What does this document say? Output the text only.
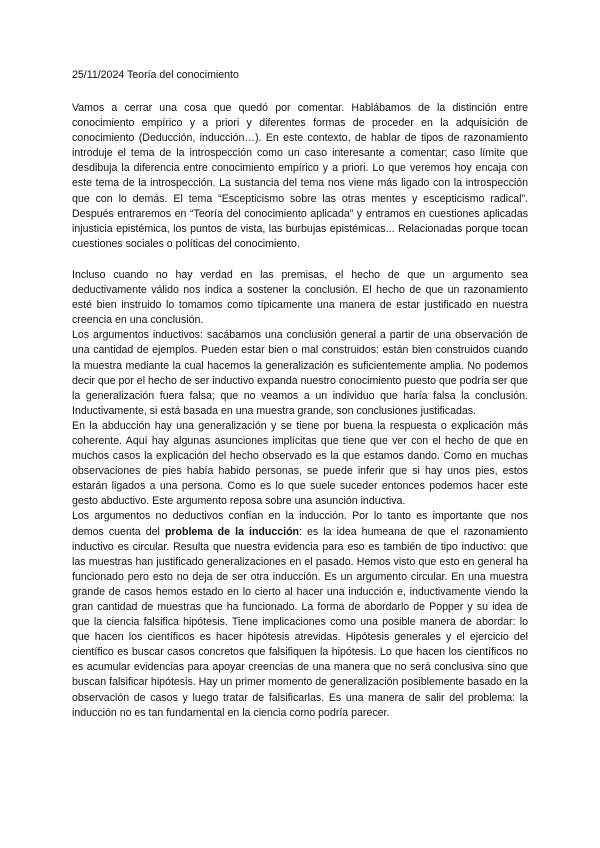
25/11/2024 Teoría del conocimiento

Vamos a cerrar una cosa que quedó por comentar. Hablábamos de la distinción entre conocimiento empírico y a priori y diferentes formas de proceder en la adquisición de conocimiento (Deducción, inducción…). En este contexto, de hablar de tipos de razonamiento introduje el tema de la introspección como un caso interesante a comentar; caso límite que desdibuja la diferencia entre conocimiento empírico y a priori. Lo que veremos hoy encaja con este tema de la introspección. La sustancia del tema nos viene más ligado con la introspección que con lo demás. El tema “Escepticismo sobre las otras mentes y escepticismo radical”. Después entraremos en “Teoría del conocimiento aplicada” y entramos en cuestiones aplicadas injusticia epistémica, los puntos de vista, las burbujas epistémicas... Relacionadas porque tocan cuestiones sociales o políticas del conocimiento.

Incluso cuando no hay verdad en las premisas, el hecho de que un argumento sea deductivamente válido nos indica a sostener la conclusión. El hecho de que un razonamiento esté bien instruido lo tomamos como típicamente una manera de estar justificado en nuestra creencia en una conclusión.

Los argumentos inductivos: sacábamos una conclusión general a partir de una observación de una cantidad de ejemplos. Pueden estar bien o mal construidos: están bien construidos cuando la muestra mediante la cual hacemos la generalización es suficientemente amplia. No podemos decir que por el hecho de ser inductivo expanda nuestro conocimiento puesto que podría ser que la generalización fuera falsa; que no veamos a un individuo que haría falsa la conclusión. Inductivamente, si está basada en una muestra grande, son conclusiones justificadas.

En la abducción hay una generalización y se tiene por buena la respuesta o explicación más coherente. Aquí hay algunas asunciones implícitas que tiene que ver con el hecho de que en muchos casos la explicación del hecho observado es la que estamos dando. Como en muchas observaciones de pies había habido personas, se puede inferir que si hay unos pies, estos estarán ligados a una persona. Como es lo que suele suceder entonces podemos hacer este gesto abductivo. Este argumento reposa sobre una asunción inductiva.

Los argumentos no deductivos confían en la inducción. Por lo tanto es importante que nos demos cuenta del problema de la inducción: es la idea humeana de que el razonamiento inductivo es circular. Resulta que nuestra evidencia para eso es también de tipo inductivo: que las muestras han justificado generalizaciones en el pasado. Hemos visto que esto en general ha funcionado pero esto no deja de ser otra inducción. Es un argumento circular. En una muestra grande de casos hemos estado en lo cierto al hacer una inducción e, inductivamente viendo la gran cantidad de muestras que ha funcionado. La forma de abordarlo de Popper y su idea de que la ciencia falsifica hipótesis. Tiene implicaciones como una posible manera de abordar: lo que hacen los científicos es hacer hipótesis atrevidas. Hipótesis generales y el ejercicio del científico es buscar casos concretos que falsifiquen la hipótesis. Lo que hacen los científicos no es acumular evidencias para apoyar creencias de una manera que no será conclusiva sino que buscan falsificar hipótesis. Hay un primer momento de generalización posiblemente basado en la observación de casos y luego tratar de falsificarlas. Es una manera de salir del problema: la inducción no es tan fundamental en la ciencia como podría parecer.
